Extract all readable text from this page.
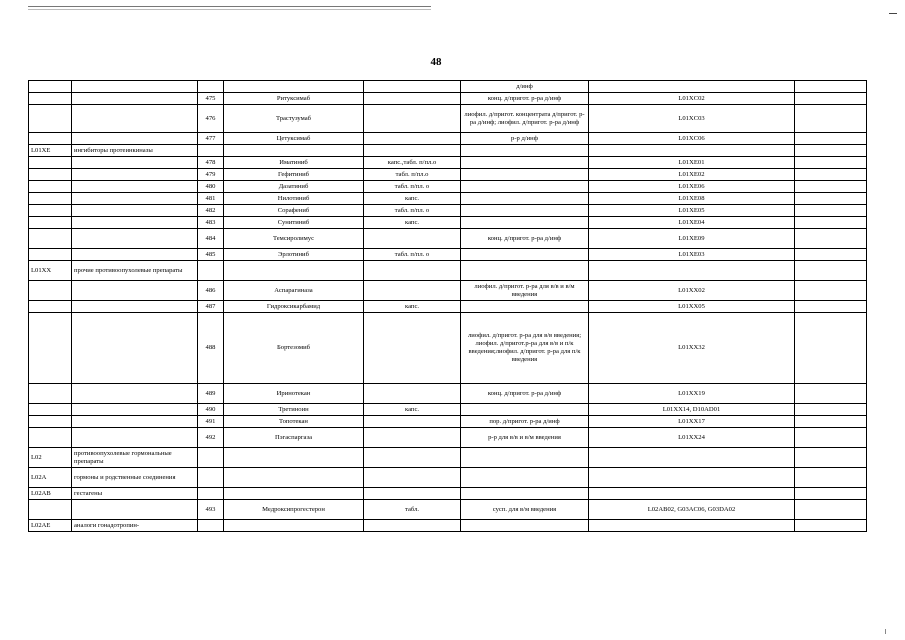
48
					д/инф		
		475	Ритуксимаб		конц. д/пригот. р-ра д/инф	L01XC02	
		476	Трастузумаб		лиофил. д/пригот. концентрата д/пригот. р-ра д/инф; лиофил. д/пригот. р-ра д/инф	L01XC03	
		477	Цетуксимаб		р-р д/инф	L01XC06	
L01XE	ингибиторы протеинкиназы						
		478	Иматиниб	капс.,табл. п/пл.о		L01XE01	
		479	Гефитиниб	табл. п/пл.о		L01XE02	
		480	Дазатиниб	табл. п/пл. о		L01XE06	
		481	Нилотиниб	капс.		L01XE08	
		482	Сорафениб	табл. п/пл. о		L01XE05	
		483	Сунитиниб	капс.		L01XE04	
		484	Темсиролимус		конц. д/пригот. р-ра д/инф	L01XE09	
		485	Эрлотиниб	табл. п/пл. о		L01XE03	
L01XX	прочие противоопухолевые препараты						
		486	Аспарагиназа		лиофил. д/пригот. р-ра для в/в и в/м введения	L01XX02	
		487	Гидроксикарбамид	капс.		L01XX05	
		488	Бортезомиб		лиофил. д/пригот. р-ра для в/в введения; лиофил. д/пригот.р-ра для в/в и п/к введения;лиофил. д/пригот. р-ра для п/к введения	L01XX32	
		489	Иринотекан		конц. д/пригот. р-ра д/инф	L01XX19	
		490	Третиноин	капс.		L01XX14, D10AD01	
		491	Топотекан		пор. д/пригот. р-ра д/инф	L01XX17	
		492	Пэгаспаргаза		р-р для в/в и в/м введения	L01XX24	
L02	противоопухолевые гормональные препараты						
L02A	гормоны и родственные соединения						
L02AB	гестагены						
		493	Медроксипрогестерон	табл.	сусп. для в/м введения	L02AB02, G03AC06, G03DA02	
L02AE	аналоги гонадотропин-						
